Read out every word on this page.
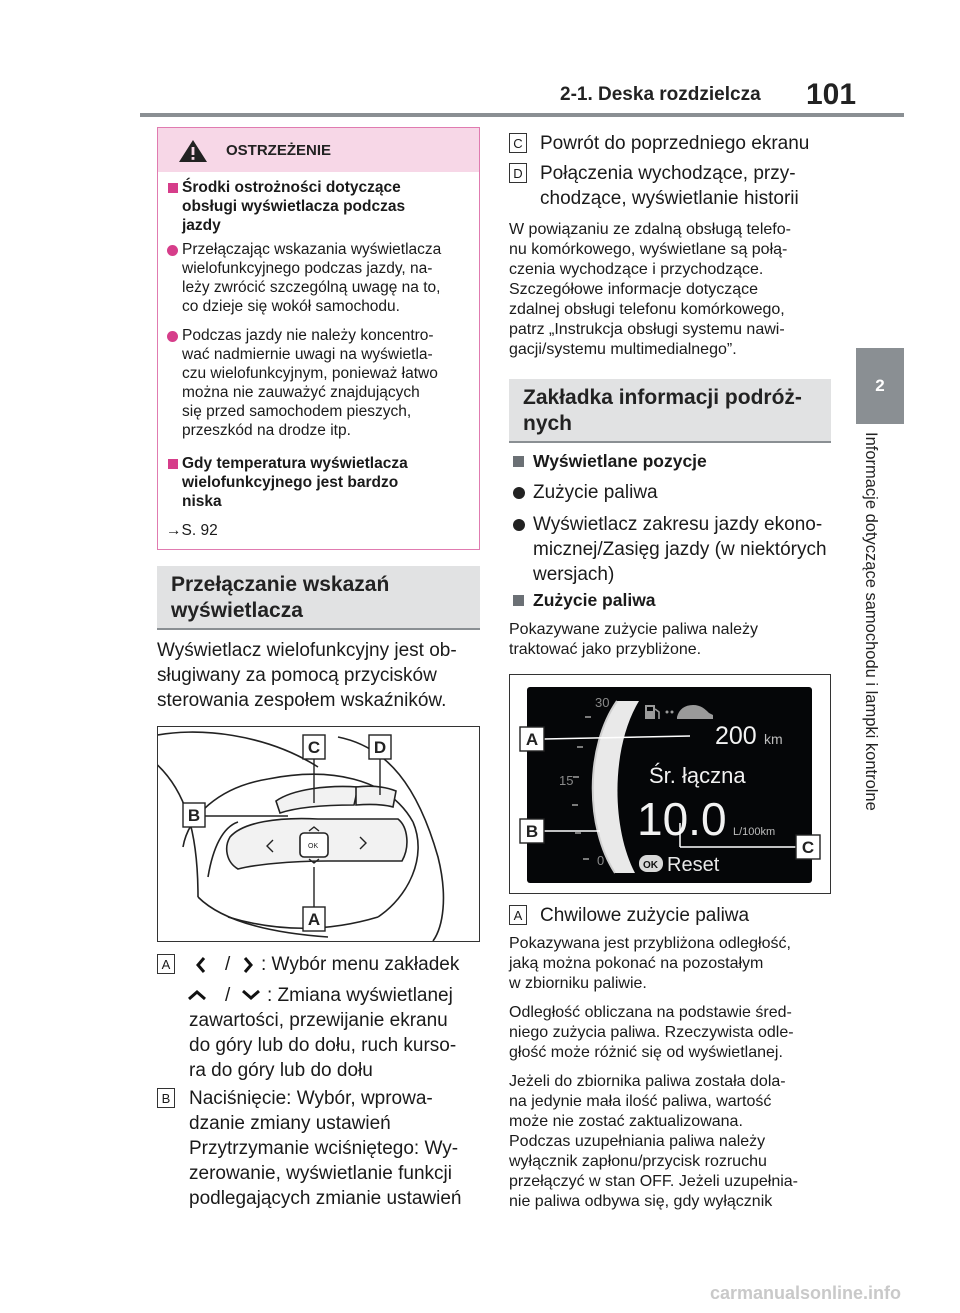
2-1. Deska rozdzielcza 101
2
Informacje dotyczące samochodu i lampki kontrolne
OSTRZEŻENIE
Środki ostrożności dotyczące
obsługi wyświetlacza podczas
jazdy
Przełączając wskazania wyświetlacza
wielofunkcyjnego podczas jazdy, na-
leży zwrócić szczególną uwagę na to,
co dzieje się wokół samochodu.
Podczas jazdy nie należy koncentro-
wać nadmiernie uwagi na wyświetla-
czu wielofunkcyjnym, ponieważ łatwo
można nie zauważyć znajdujących
się przed samochodem pieszych,
przeszkód na drodze itp.
Gdy temperatura wyświetlacza
wielofunkcyjnego jest bardzo
niska
→S. 92
Przełączanie wskazań
wyświetlacza
Wyświetlacz wielofunkcyjny jest ob-
sługiwany za pomocą przycisków
sterowania zespołem wskaźników.
OK
C	D
B
A
A	/ : Wybór menu zakładek
/ : Zmiana wyświetlanej
zawartości, przewijanie ekranu
do góry lub do dołu, ruch kurso-
ra do góry lub do dołu
B Naciśnięcie: Wybór, wprowa-
dzanie zmiany ustawień
Przytrzymanie wciśniętego: Wy-
zerowanie, wyświetlanie funkcji
podlegających zmianie ustawień
C Powrót do poprzedniego ekranu
D Połączenia wychodzące, przy-
chodzące, wyświetlanie historii
W powiązaniu ze zdalną obsługą telefo-
nu komórkowego, wyświetlane są połą-
czenia wychodzące i przychodzące.
Szczegółowe informacje dotyczące
zdalnej obsługi telefonu komórkowego,
patrz „Instrukcja obsługi systemu nawi-
gacji/systemu multimedialnego”.
Zakładka informacji podróż-
nych
Wyświetlane pozycje
Zużycie paliwa
Wyświetlacz zakresu jazdy ekono-
micznej/Zasięg jazdy (w niektórych
wersjach)
Zużycie paliwa
Pokazywane zużycie paliwa należy
traktować jako przybliżone.
30
15
0
200 km
Śr. łączna
10.0 L/100km
OK Reset
A
B
C
A Chwilowe zużycie paliwa
Pokazywana jest przybliżona odległość,
jaką można pokonać na pozostałym
w zbiorniku paliwie.
Odległość obliczana na podstawie śred-
niego zużycia paliwa. Rzeczywista odle-
głość może różnić się od wyświetlanej.
Jeżeli do zbiornika paliwa została dola-
na jedynie mała ilość paliwa, wartość
może nie zostać zaktualizowana.
Podczas uzupełniania paliwa należy
wyłącznik zapłonu/przycisk rozruchu
przełączyć w stan OFF. Jeżeli uzupełnia-
nie paliwa odbywa się, gdy wyłącznik
carmanualsonline.info
